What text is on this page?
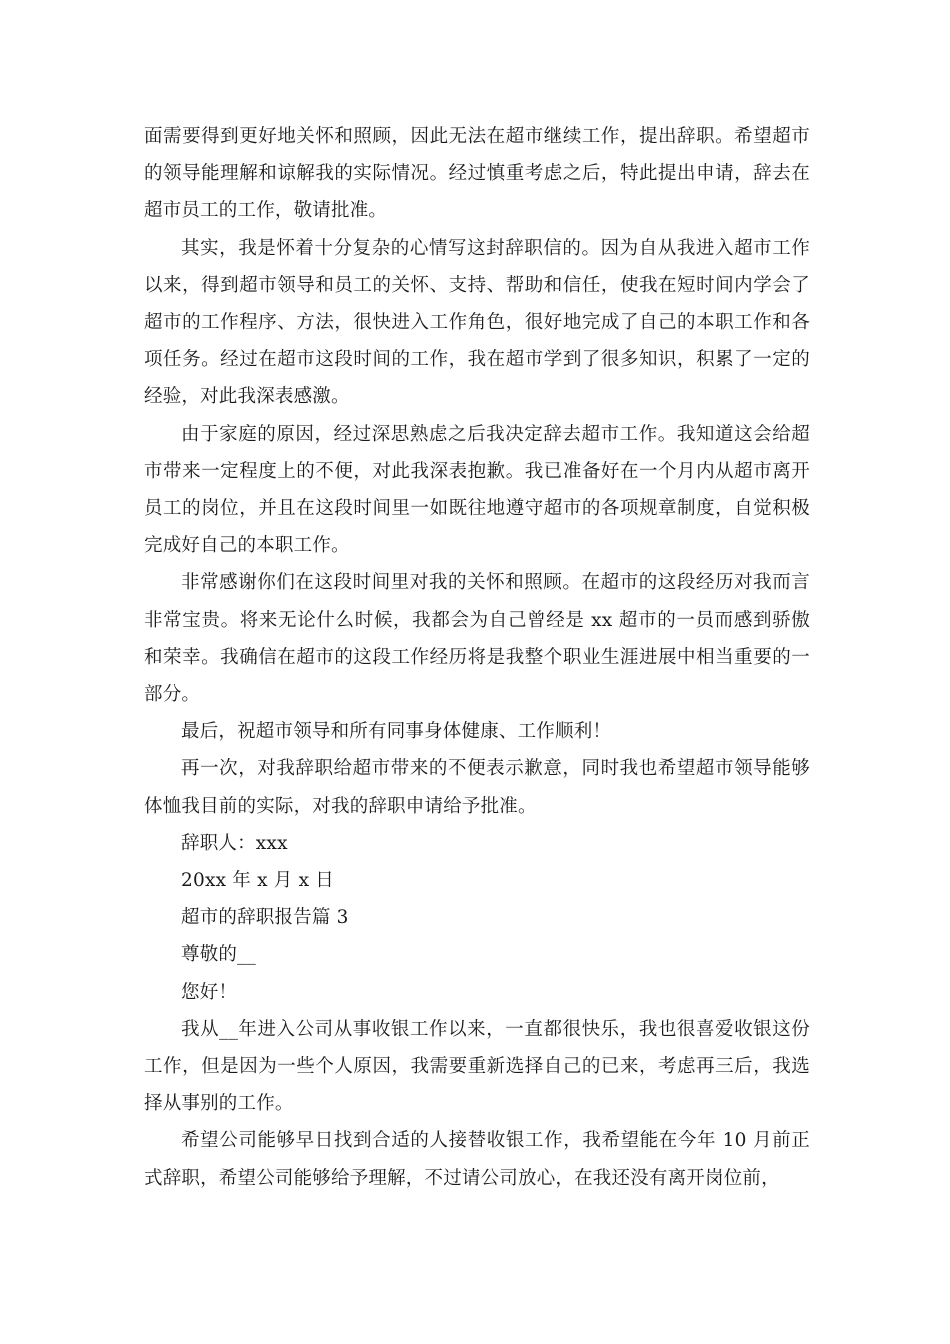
面需要得到更好地关怀和照顾，因此无法在超市继续工作，提出辞职。希望超市的领导能理解和谅解我的实际情况。经过慎重考虑之后，特此提出申请，辞去在超市员工的工作，敬请批准。

其实，我是怀着十分复杂的心情写这封辞职信的。因为自从我进入超市工作以来，得到超市领导和员工的关怀、支持、帮助和信任，使我在短时间内学会了超市的工作程序、方法，很快进入工作角色，很好地完成了自己的本职工作和各项任务。经过在超市这段时间的工作，我在超市学到了很多知识，积累了一定的经验，对此我深表感激。

由于家庭的原因，经过深思熟虑之后我决定辞去超市工作。我知道这会给超市带来一定程度上的不便，对此我深表抱歉。我已准备好在一个月内从超市离开员工的岗位，并且在这段时间里一如既往地遵守超市的各项规章制度，自觉积极完成好自己的本职工作。

非常感谢你们在这段时间里对我的关怀和照顾。在超市的这段经历对我而言非常宝贵。将来无论什么时候，我都会为自己曾经是 xx 超市的一员而感到骄傲和荣幸。我确信在超市的这段工作经历将是我整个职业生涯进展中相当重要的一部分。

最后，祝超市领导和所有同事身体健康、工作顺利！

再一次，对我辞职给超市带来的不便表示歉意，同时我也希望超市领导能够体恤我目前的实际，对我的辞职申请给予批准。

辞职人：xxx

20xx 年 x 月 x 日

超市的辞职报告篇 3

尊敬的__

您好！

我从__年进入公司从事收银工作以来，一直都很快乐，我也很喜爱收银这份工作，但是因为一些个人原因，我需要重新选择自己的已来，考虑再三后，我选择从事别的工作。

希望公司能够早日找到合适的人接替收银工作，我希望能在今年 10 月前正式辞职，希望公司能够给予理解，不过请公司放心，在我还没有离开岗位前，
